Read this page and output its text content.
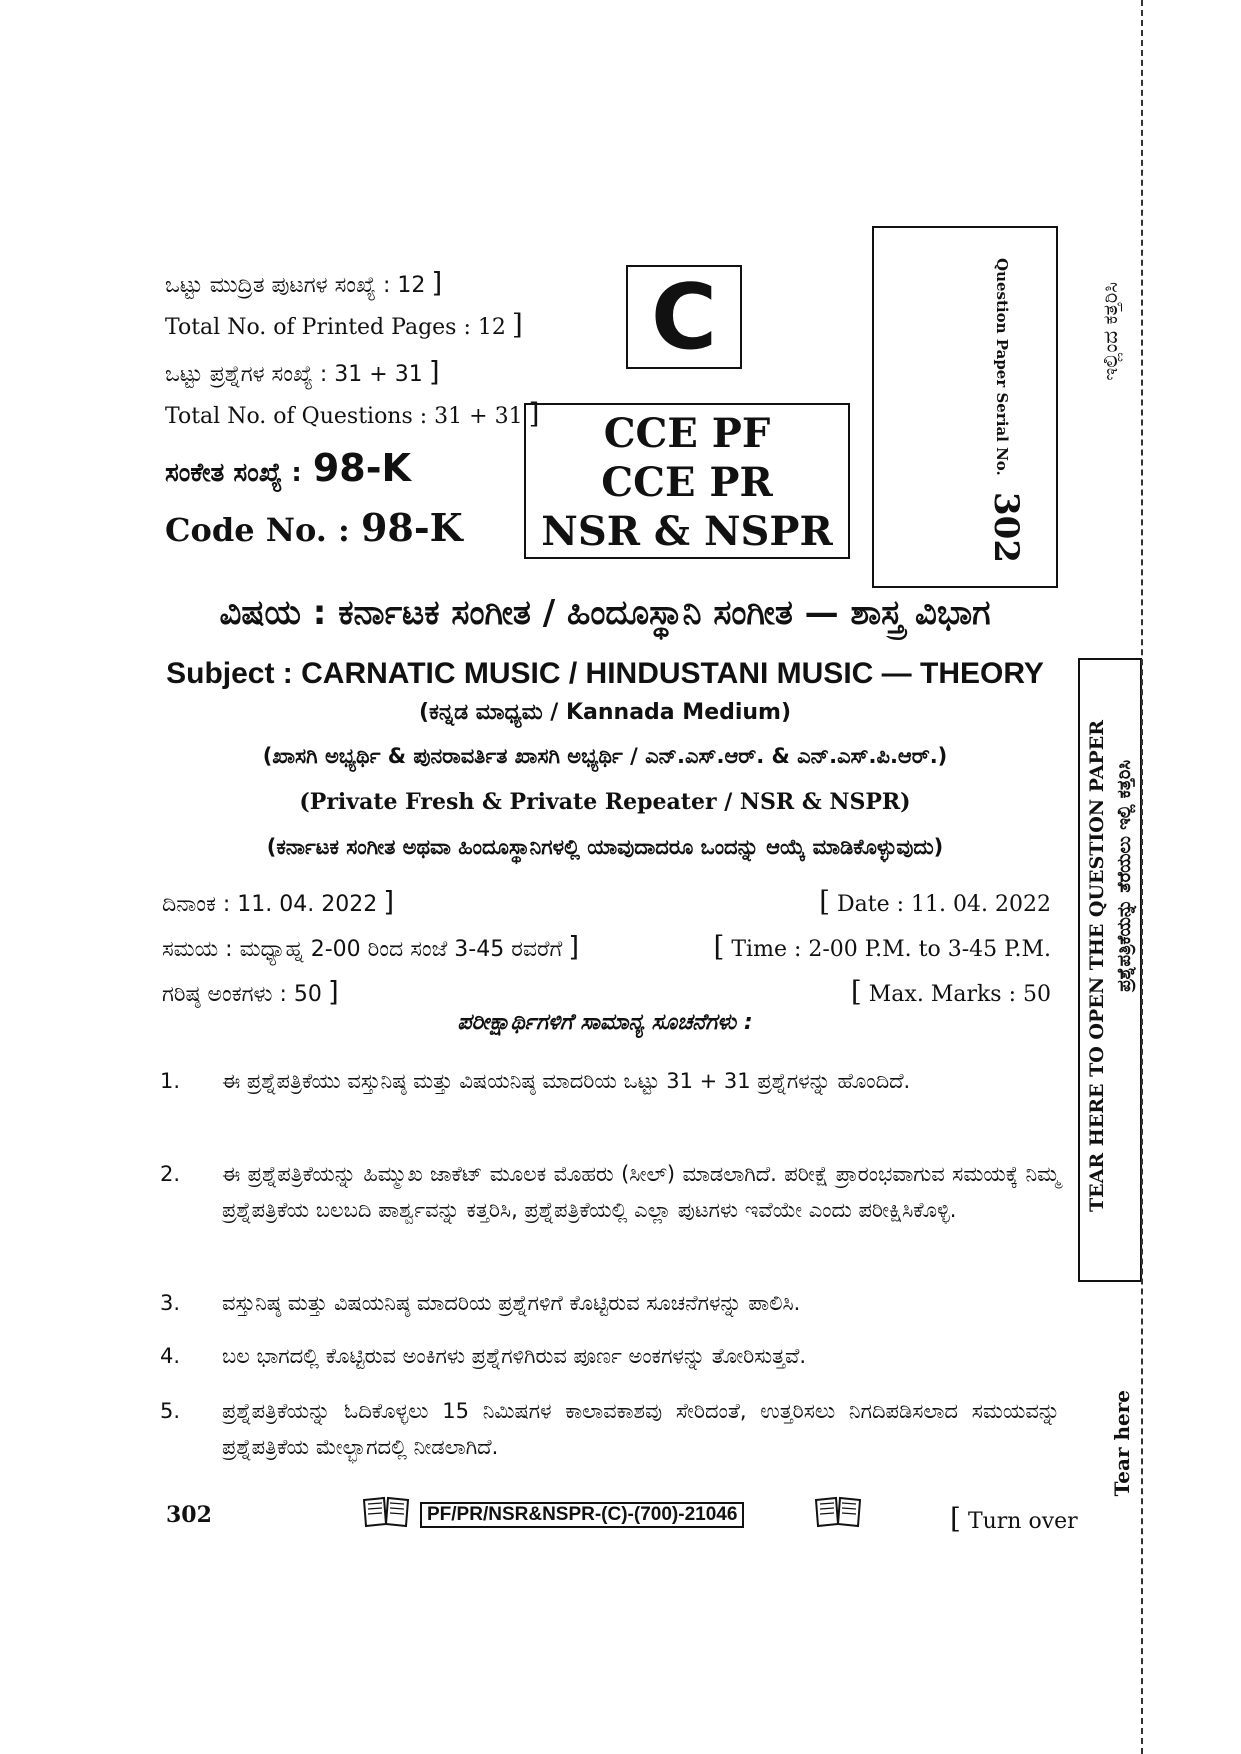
ಒಟ್ಟು ಮುದ್ರಿತ ಪುಟಗಳ ಸಂಖ್ಯೆ : 12 ]
Total No. of Printed Pages : 12 ]
ಒಟ್ಟು ಪ್ರಶ್ನೆಗಳ ಸಂಖ್ಯೆ : 31 + 31 ]
Total No. of Questions : 31 + 31 ]
ಸಂಕೇತ ಸಂಖ್ಯೆ : 98-K
Code No. : 98-K
C
CCE PF
CCE PR
NSR & NSPR
Question Paper Serial No.
302
ಇಲ್ಲಿಂದ ಕತ್ತರಿಸಿ
TEAR HERE TO OPEN THE QUESTION PAPER ಪ್ರಶ್ನೆಪತ್ರಿಕೆಯನ್ನು ತೆರೆಯಲು ಇಲ್ಲಿ ಕತ್ತರಿಸಿ
Tear here
ವಿಷಯ : ಕರ್ನಾಟಕ ಸಂಗೀತ / ಹಿಂದೂಸ್ಥಾನಿ ಸಂಗೀತ — ಶಾಸ್ತ್ರ ವಿಭಾಗ
Subject : CARNATIC MUSIC / HINDUSTANI MUSIC — THEORY
(ಕನ್ನಡ ಮಾಧ್ಯಮ / Kannada Medium)
(ಖಾಸಗಿ ಅಭ್ಯರ್ಥಿ & ಪುನರಾವರ್ತಿತ ಖಾಸಗಿ ಅಭ್ಯರ್ಥಿ / ಎನ್.ಎಸ್.ಆರ್. & ಎನ್.ಎಸ್.ಪಿ.ಆರ್.)
(Private Fresh & Private Repeater / NSR & NSPR)
(ಕರ್ನಾಟಕ ಸಂಗೀತ ಅಥವಾ ಹಿಂದೂಸ್ಥಾನಿಗಳಲ್ಲಿ ಯಾವುದಾದರೂ ಒಂದನ್ನು ಆಯ್ಕೆ ಮಾಡಿಕೊಳ್ಳುವುದು)
ದಿನಾಂಕ : 11. 04. 2022 ]	[ Date : 11. 04. 2022
ಸಮಯ : ಮಧ್ಯಾಹ್ನ 2-00 ರಿಂದ ಸಂಜೆ 3-45 ರವರೆಗೆ ]	[ Time : 2-00 P.M. to 3-45 P.M.
ಗರಿಷ್ಠ ಅಂಕಗಳು : 50 ]	[ Max. Marks : 50
ಪರೀಕ್ಷಾರ್ಥಿಗಳಿಗೆ ಸಾಮಾನ್ಯ ಸೂಚನೆಗಳು :
1. ಈ ಪ್ರಶ್ನೆಪತ್ರಿಕೆಯು ವಸ್ತುನಿಷ್ಠ ಮತ್ತು ವಿಷಯನಿಷ್ಠ ಮಾದರಿಯ ಒಟ್ಟು 31 + 31 ಪ್ರಶ್ನೆಗಳನ್ನು ಹೊಂದಿದೆ.
2. ಈ ಪ್ರಶ್ನೆಪತ್ರಿಕೆಯನ್ನು ಹಿಮ್ಮುಖ ಜಾಕೆಟ್ ಮೂಲಕ ಮೊಹರು (ಸೀಲ್) ಮಾಡಲಾಗಿದೆ. ಪರೀಕ್ಷೆ ಪ್ರಾರಂಭವಾಗುವ ಸಮಯಕ್ಕೆ ನಿಮ್ಮ ಪ್ರಶ್ನೆಪತ್ರಿಕೆಯ ಬಲಬದಿ ಪಾರ್ಶ್ವವನ್ನು ಕತ್ತರಿಸಿ, ಪ್ರಶ್ನೆಪತ್ರಿಕೆಯಲ್ಲಿ ಎಲ್ಲಾ ಪುಟಗಳು ಇವೆಯೇ ಎಂದು ಪರೀಕ್ಷಿಸಿಕೊಳ್ಳಿ.
3. ವಸ್ತುನಿಷ್ಠ ಮತ್ತು ವಿಷಯನಿಷ್ಠ ಮಾದರಿಯ ಪ್ರಶ್ನೆಗಳಿಗೆ ಕೊಟ್ಟಿರುವ ಸೂಚನೆಗಳನ್ನು ಪಾಲಿಸಿ.
4. ಬಲ ಭಾಗದಲ್ಲಿ ಕೊಟ್ಟಿರುವ ಅಂಕಿಗಳು ಪ್ರಶ್ನೆಗಳಿಗಿರುವ ಪೂರ್ಣ ಅಂಕಗಳನ್ನು ತೋರಿಸುತ್ತವೆ.
5. ಪ್ರಶ್ನೆಪತ್ರಿಕೆಯನ್ನು ಓದಿಕೊಳ್ಳಲು 15 ನಿಮಿಷಗಳ ಕಾಲಾವಕಾಶವು ಸೇರಿದಂತೆ, ಉತ್ತರಿಸಲು ನಿಗದಿಪಡಿಸಲಾದ ಸಮಯವನ್ನು ಪ್ರಶ್ನೆಪತ್ರಿಕೆಯ ಮೇಲ್ಭಾಗದಲ್ಲಿ ನೀಡಲಾಗಿದೆ.
302	PF/PR/NSR&NSPR-(C)-(700)-21046	[ Turn over
